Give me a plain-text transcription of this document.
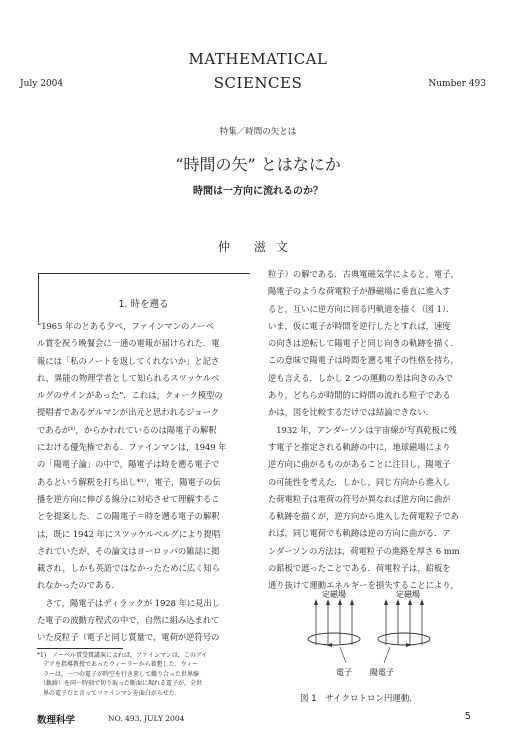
MATHEMATICAL
SCIENCES
July 2004	Number 493
特集／時間の矢とは
“時間の矢” とはなにか
時間は一方向に流れるのか？
仲 滋文
1. 時を遡る
“1965 年のとある夕べ，ファインマンのノーベ
ル賞を祝う晩餐会に一通の電報が届けられた．電
報には「私のノートを返してくれないか」と記さ
れ，異能の物理学者として知られるスツッケルベ
ルグのサインがあった”．これは，クォーク模型の
提唱者であるゲルマンが出元と思われるジョーク
であるが¹⁾，からかわれているのは陽電子の解釈
における優先権である．ファインマンは，1949 年
の「陽電子論」の中で，陽電子は時を遡る電子で
あるという解釈を打ち出し*¹⁾，電子，陽電子の伝
播を逆方向に伸びる線分に対応させて理解するこ
とを提案した．この陽電子＝時を遡る電子の解釈
は，既に 1942 年にスツッケルベルグにより提唱
されていたが，その論文はヨーロッパの雑誌に掲
載され，しかも英語ではなかったために広く知ら
れなかったのである．
　さて，陽電子はディラックが 1928 年に見出し
た電子の波動方程式の中で，自然に組み込まれて
いた反粒子（電子と同じ質量で，電荷が逆符号の
粒子）の解である．古典電磁気学によると，電子，
陽電子のような荷電粒子が静磁場に垂直に進入す
ると，互いに逆方向に回る円軌道を描く（図 1）．
いま，仮に電子が時間を逆行したとすれば，速度
の向きは逆転して陽電子と同じ向きの軌跡を描く．
この意味で陽電子は時間を遡る電子の性格を持ち，
逆も言える．しかし 2 つの運動の差は向きのみで
あり，どちらが時間的に時間の流れる粒子である
かは，図を比較するだけでは結論できない．
　1932 年，アンダーソンは宇宙線が写真乾板に残
す電子と推定される軌跡の中に，地球磁場により
逆方向に曲がるものがあることに注目し，陽電子
の可能性を考えた．しかし，同じ方向から進入し
た荷電粒子は電荷の符号が異なれば逆方向に曲が
る軌跡を描くが，逆方向から進入した荷電粒子であ
れば，同じ電荷でも軌跡は逆の方向に曲がる．ア
ンダーソンの方法は，荷電粒子の進路を厚さ 6 mm
の鉛板で遮ったことである．荷電粒子は，鉛板を
通り抜けて運動エネルギーを損失することにより，
*1)　ノーベル賞受賞講演によれば，ファインマンは，このアイ
　デアを指導教授であったウィーラーから着想した．ウィー
　ラーは，一つの電子が時空を行き来して織り合った世界線
　（軌跡）を同一時刻で切り取った断面に現れる電子が，全世
　界の電子だと言ってファインマンを面白がらせた．
定磁場	定磁場
電子 陽電子
図 1　サイクロトロン円運動．
数理科学	NO. 493, JULY 2004	5
